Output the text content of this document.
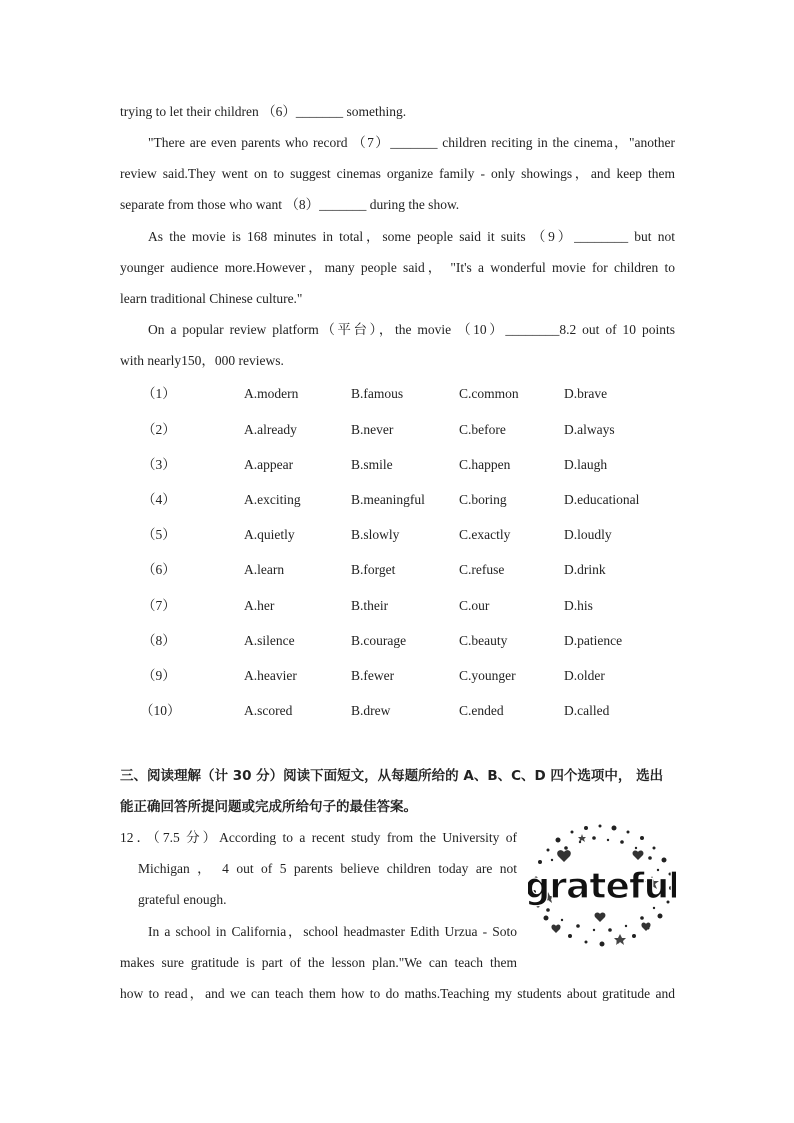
trying to let their children （6）_______ something.
"There are even parents who record （7）_______ children reciting in the cinema，"another
review said.They went on to suggest cinemas organize family - only showings，and keep them
separate from those who want （8）_______ during the show.
As the movie is 168 minutes in total，some people said it suits （9）________ but not
younger audience more.However，many people said， "It's a wonderful movie for children to
learn traditional Chinese culture."
On a popular review platform（平台），the movie （10）________8.2 out of 10 points
with nearly150，000 reviews.
（1）	A.modern	B.famous	C.common	D.brave
（2）	A.already	B.never	C.before	D.always
（3）	A.appear	B.smile	C.happen	D.laugh
（4）	A.exciting	B.meaningful	C.boring	D.educational
（5）	A.quietly	B.slowly	C.exactly	D.loudly
（6）	A.learn	B.forget	C.refuse	D.drink
（7）	A.her	B.their	C.our	D.his
（8）	A.silence	B.courage	C.beauty	D.patience
（9）	A.heavier	B.fewer	C.younger	D.older
（10）	A.scored	B.drew	C.ended	D.called
三、阅读理解（计 30 分）阅读下面短文，从每题所给的 A、B、C、D 四个选项中， 选出
能正确回答所提问题或完成所给句子的最佳答案。
12．（7.5 分）According to a recent study from the University of
Michigan ， 4 out of 5 parents believe children today are not
grateful enough.
In a school in California，school headmaster Edith Urzua - Soto
makes sure gratitude is part of the lesson plan."We can teach them
how to read，and we can teach them how to do maths.Teaching my students about gratitude and
grateful
